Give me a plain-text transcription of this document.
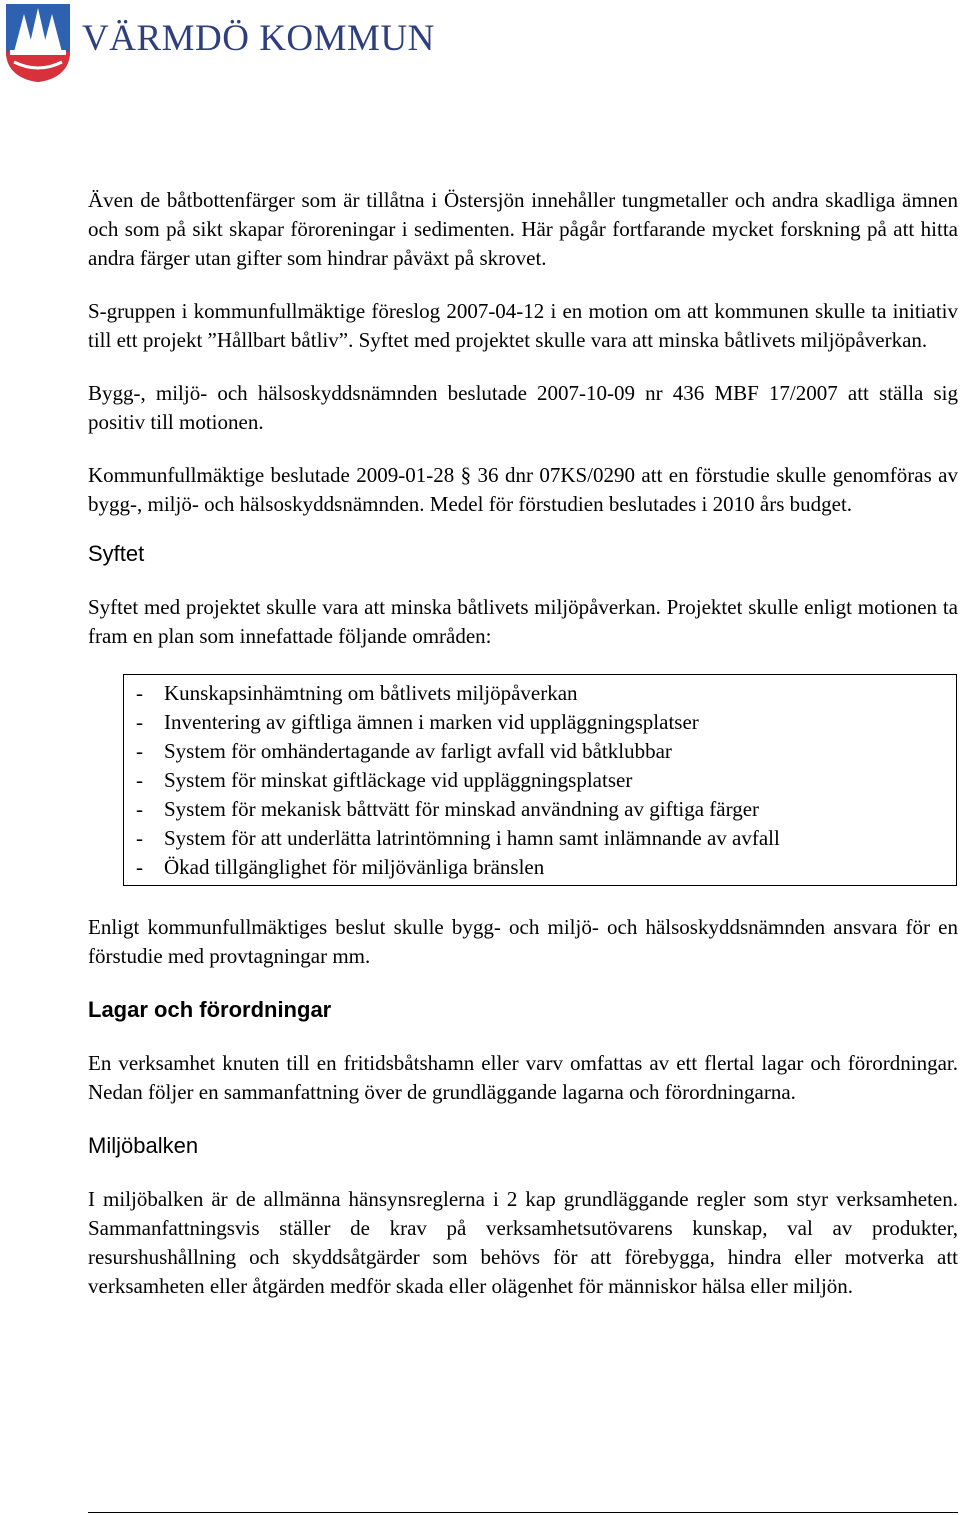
VÄRMDÖ KOMMUN

Även de båtbottenfärger som är tillåtna i Östersjön innehåller tungmetaller och andra skadliga ämnen och som på sikt skapar föroreningar i sedimenten. Här pågår fortfarande mycket forskning på att hitta andra färger utan gifter som hindrar påväxt på skrovet.

S-gruppen i kommunfullmäktige föreslog 2007-04-12 i en motion om att kommunen skulle ta initiativ till ett projekt ”Hållbart båtliv”. Syftet med projektet skulle vara att minska båtlivets miljöpåverkan.

Bygg-, miljö- och hälsoskyddsnämnden beslutade 2007-10-09 nr 436 MBF 17/2007 att ställa sig positiv till motionen.

Kommunfullmäktige beslutade 2009-01-28 § 36 dnr 07KS/0290 att en förstudie skulle genomföras av bygg-, miljö- och hälsoskyddsnämnden. Medel för förstudien beslutades i 2010 års budget.

Syftet

Syftet med projektet skulle vara att minska båtlivets miljöpåverkan. Projektet skulle enligt motionen ta fram en plan som innefattade följande områden:

-	Kunskapsinhämtning om båtlivets miljöpåverkan
-	Inventering av giftliga ämnen i marken vid uppläggningsplatser
-	System för omhändertagande av farligt avfall vid båtklubbar
-	System för minskat giftläckage vid uppläggningsplatser
-	System för mekanisk båttvätt för minskad användning av giftiga färger
-	System för att underlätta latrintömning i hamn samt inlämnande av avfall
-	Ökad tillgänglighet för miljövänliga bränslen

Enligt kommunfullmäktiges beslut skulle bygg- och miljö- och hälsoskyddsnämnden ansvara för en förstudie med provtagningar mm.

Lagar och förordningar

En verksamhet knuten till en fritidsbåtshamn eller varv omfattas av ett flertal lagar och förordningar. Nedan följer en sammanfattning över de grundläggande lagarna och förordningarna.

Miljöbalken

I miljöbalken är de allmänna hänsynsreglerna i 2 kap grundläggande regler som styr verksamheten. Sammanfattningsvis ställer de krav på verksamhetsutövarens kunskap, val av produkter, resurshushållning och skyddsåtgärder som behövs för att förebygga, hindra eller motverka att verksamheten eller åtgärden medför skada eller olägenhet för människor hälsa eller miljön.
